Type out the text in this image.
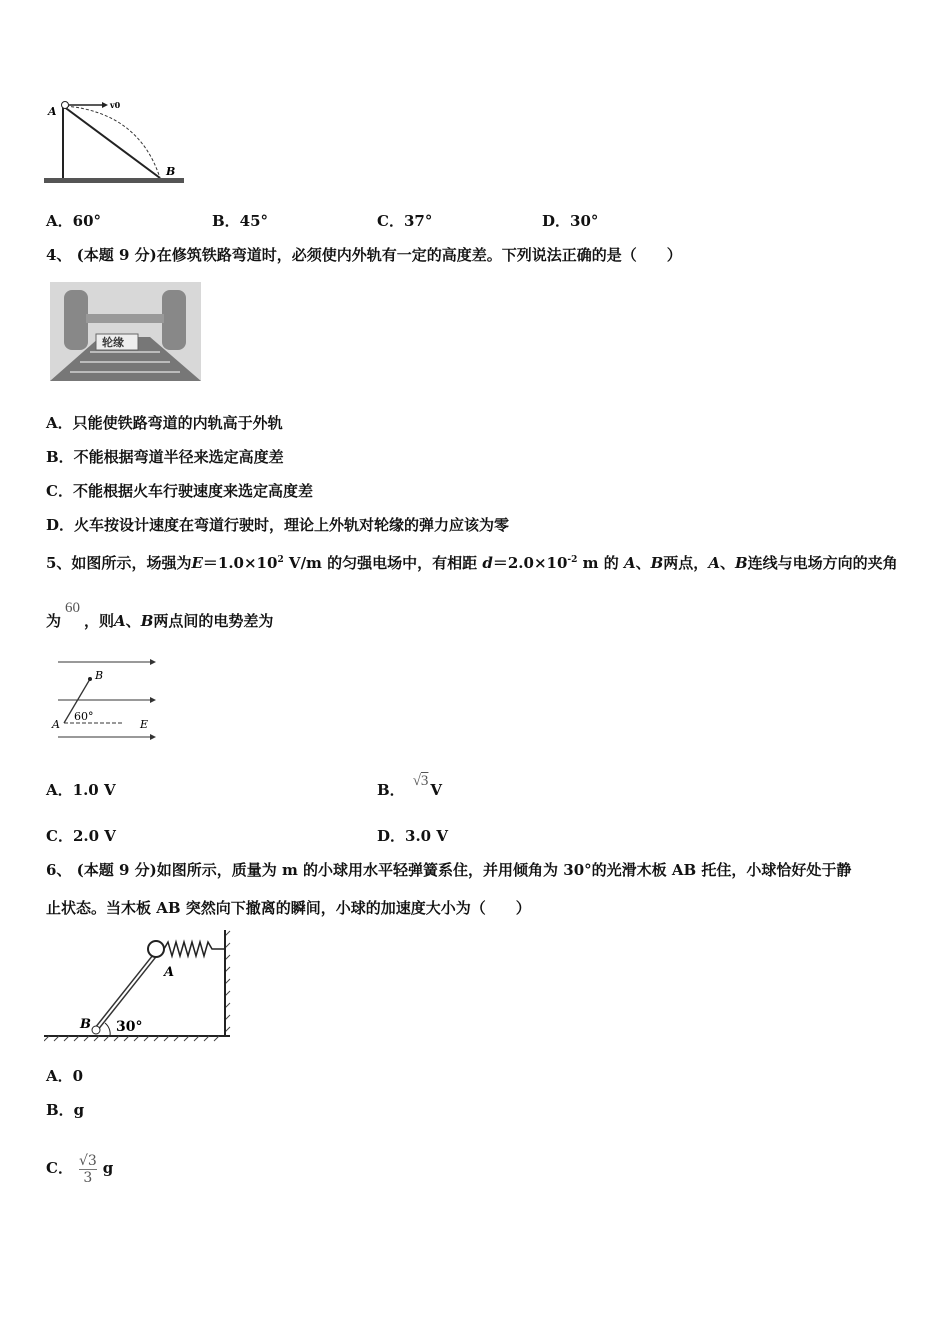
A	v0
B
A．60°	B．45°	C．37°	D．30°
4、 (本题 9 分)在修筑铁路弯道时，必须使内外轨有一定的高度差。下列说法正确的是（　　）
轮缘
A．只能使铁路弯道的内轨高于外轨
B．不能根据弯道半径来选定高度差
C．不能根据火车行驶速度来选定高度差
D．火车按设计速度在弯道行驶时，理论上外轨对轮缘的弹力应该为零
5、如图所示，场强为$E=1.0\times 10^2$ V/m 的匀强电场中，有相距 $d=2.0\times 10^{-2}$ m 的 A、B两点，A、B连线与电场方向的夹角
为60，则A、B两点间的电势差为
B
A
60°
E
A．1.0 V	B． √3 V
C．2.0 V	D．3.0 V
6、 (本题 9 分)如图所示，质量为 m 的小球用水平轻弹簧系住，并用倾角为 30°的光滑木板 AB 托住，小球恰好处于静
止状态。当木板 AB 突然向下撤离的瞬间，小球的加速度大小为（　　）
A
B 30°
A．0
B．g
C． $\frac{√3}{3}$ g
